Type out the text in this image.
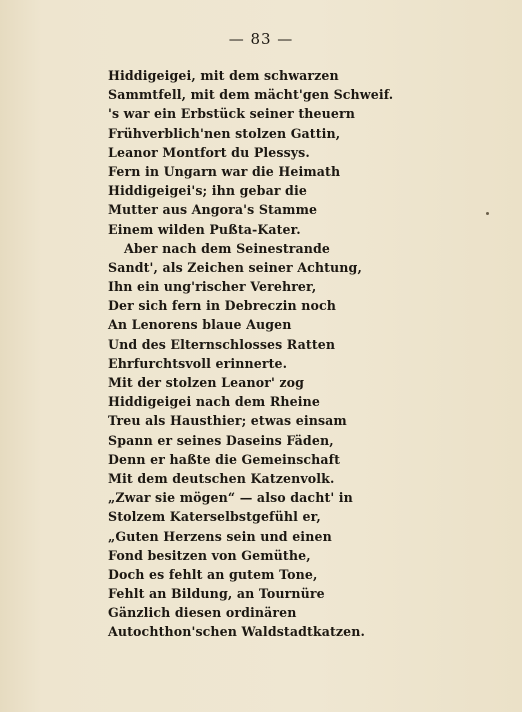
— 83 —
Hiddigeigei, mit dem schwarzen
Sammtfell, mit dem mächt'gen Schweif.
's war ein Erbstück seiner theuern
Frühverblich'nen stolzen Gattin,
Leanor Montfort du Plessys.
Fern in Ungarn war die Heimath
Hiddigeigei's; ihn gebar die
Mutter aus Angora's Stamme
Einem wilden Pußta-Kater.
Aber nach dem Seinestrande
Sandt', als Zeichen seiner Achtung,
Ihn ein ung'rischer Verehrer,
Der sich fern in Debreczin noch
An Lenorens blaue Augen
Und des Elternschlosses Ratten
Ehrfurchtsvoll erinnerte.
Mit der stolzen Leanor' zog
Hiddigeigei nach dem Rheine
Treu als Hausthier; etwas einsam
Spann er seines Daseins Fäden,
Denn er haßte die Gemeinschaft
Mit dem deutschen Katzenvolk.
„Zwar sie mögen“ — also dacht' in
Stolzem Katerselbstgefühl er,
„Guten Herzens sein und einen
Fond besitzen von Gemüthe,
Doch es fehlt an gutem Tone,
Fehlt an Bildung, an Tournüre
Gänzlich diesen ordinären
Autochthon'schen Waldstadtkatzen.
